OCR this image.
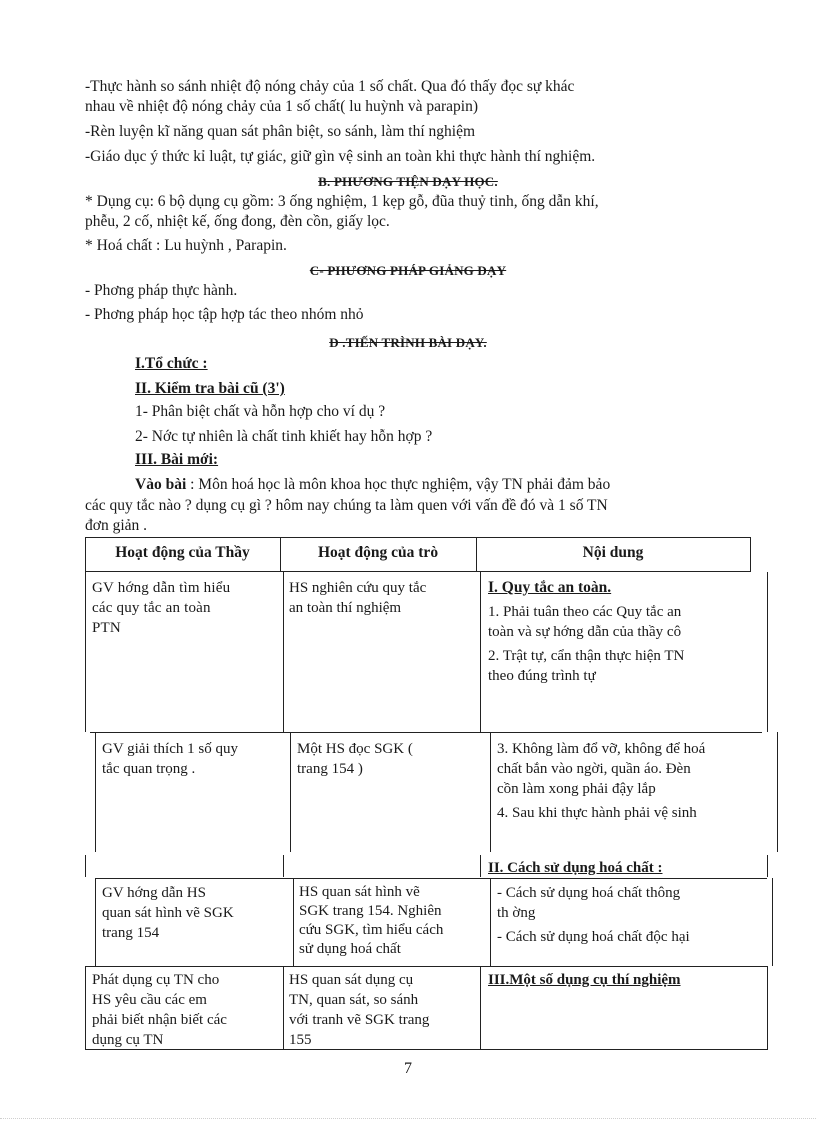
-Thực hành so sánh nhiệt độ nóng chảy của 1 số chất. Qua đó thấy đọc sự khác
nhau về nhiệt độ nóng chảy của 1 số chất( lu huỳnh và parapin)
-Rèn luyện kĩ năng quan sát phân biệt, so sánh, làm thí nghiệm
-Giáo dục ý thức kỉ luật, tự giác, giữ gìn vệ sinh an toàn khi thực hành thí nghiệm.
B. PHƯƠNG TIỆN DẠY HỌC.
* Dụng cụ: 6 bộ dụng cụ gồm: 3 ống nghiệm, 1 kẹp gỗ, đũa thuỷ tinh, ống dẫn khí,
phễu, 2 cố, nhiệt kế, ống đong, đèn cồn, giấy lọc.
* Hoá chất : Lu huỳnh , Parapin.
C- PHƯƠNG PHÁP GIẢNG DẠY
- Phơng pháp thực hành.
- Phơng pháp học tập hợp tác theo nhóm nhỏ
D .TIẾN TRÌNH BÀI DẠY.
I.Tổ chức :
II. Kiểm tra bài cũ (3')
1- Phân biệt chất và hỗn hợp cho ví dụ ?
2- Nớc tự nhiên là chất tinh khiết hay hỗn hợp ?
III. Bài mới:
Vào bài : Môn hoá học là môn khoa học thực nghiệm, vậy TN phải đảm bảo
các quy tắc nào ? dụng cụ gì ? hôm nay chúng ta làm quen với vấn đề đó và 1 số TN
đơn giản .
Hoạt động của Thầy	Hoạt động của trò	Nội dung

GV hớng dẫn tìm hiểu

các quy tắc an toàn

PTN

HS nghiên cứu quy tắc

an toàn thí nghiệm

I. Quy tắc an toàn.

1. Phải tuân theo các Quy tắc an

toàn và sự hớng dẫn của thầy cô

2. Trật tự, cẩn thận thực hiện TN

theo đúng trình tự

GV giải thích 1 số quy

tắc quan trọng .

Một HS đọc SGK (

trang 154 )

3. Không làm đổ vỡ, không để hoá

chất bắn vào ngời, quần áo. Đèn

cồn làm xong phải đậy lắp

4. Sau khi thực hành phải vệ sinh

II. Cách sử dụng hoá chất :

GV hớng dẫn HS

quan sát hình vẽ SGK

trang 154

HS quan sát hình vẽ

SGK trang 154. Nghiên

cứu SGK, tìm hiểu cách

sử dụng hoá chất

- Cách sử dụng hoá chất thông

th ờng

- Cách sử dụng hoá chất độc hại

Phát dụng cụ TN cho

HS yêu cầu các em

phải biết nhận biết các

dụng cụ TN

HS quan sát dụng cụ

TN, quan sát, so sánh

với tranh vẽ SGK trang

155

III.Một số dụng cụ thí nghiệm
7
